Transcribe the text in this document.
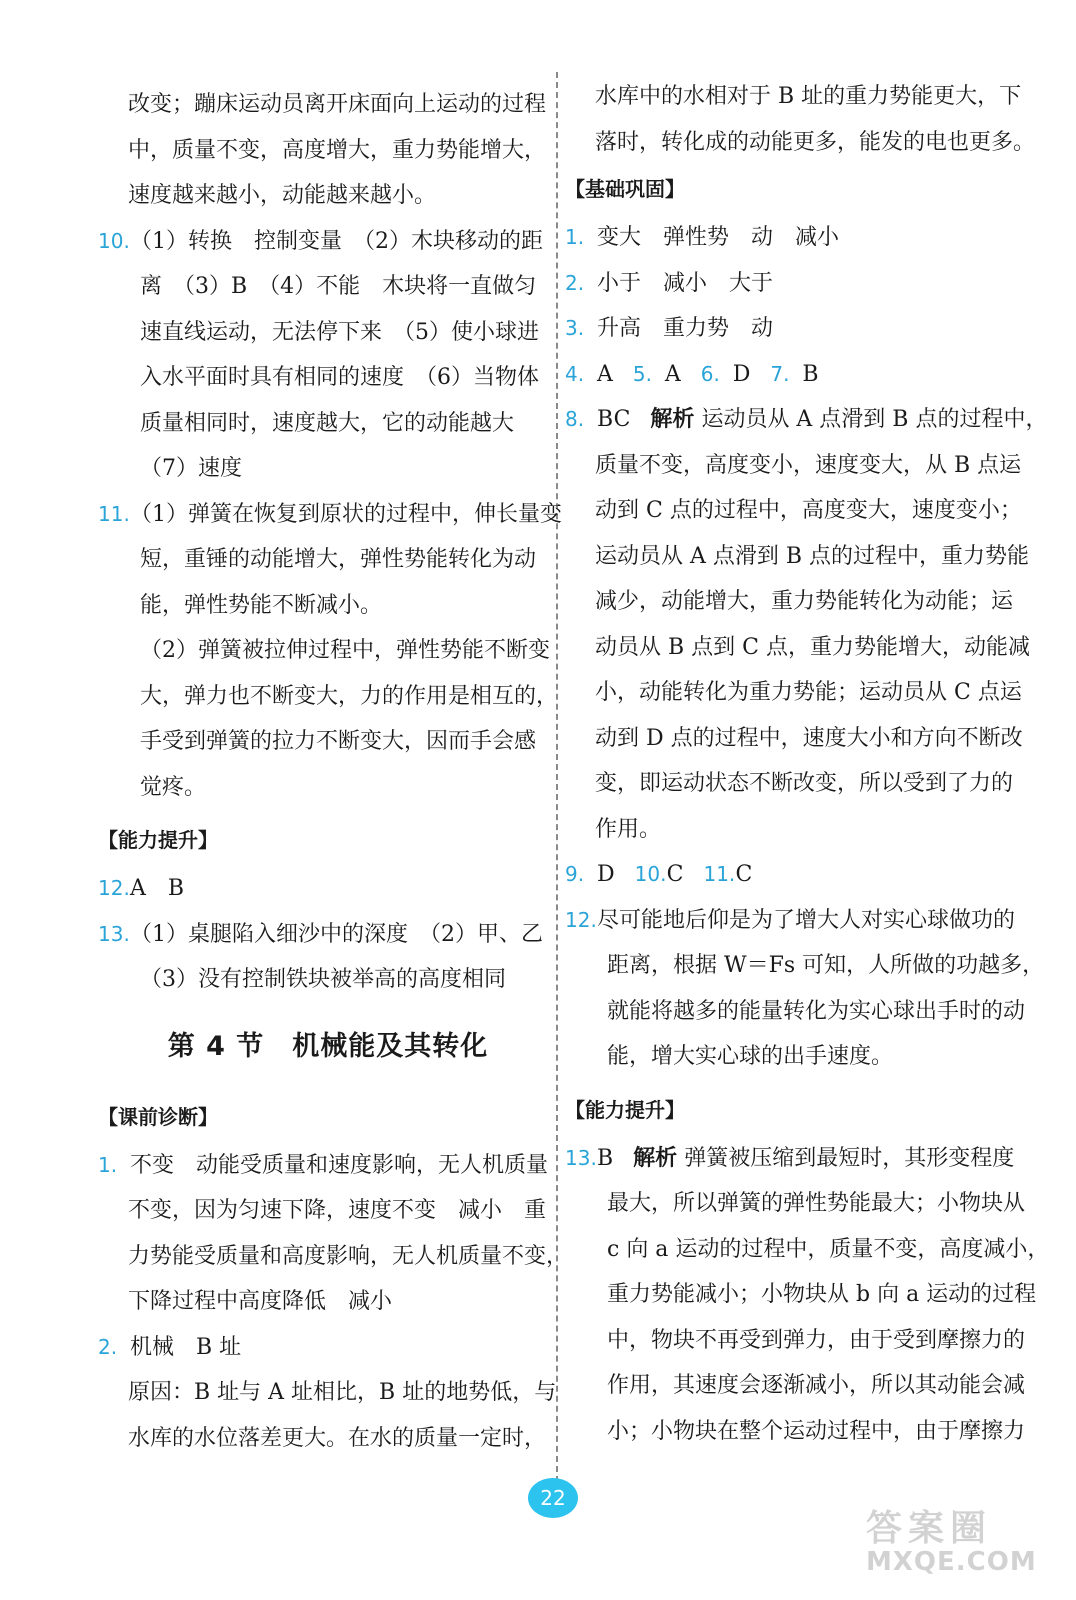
改变；蹦床运动员离开床面向上运动的过程
中，质量不变，高度增大，重力势能增大，
速度越来越小，动能越来越小。
10.（1）转换　控制变量　（2）木块移动的距
离　（3）B　（4）不能　木块将一直做匀
速直线运动，无法停下来　（5）使小球进
入水平面时具有相同的速度　（6）当物体
质量相同时，速度越大，它的动能越大
（7）速度
11.（1）弹簧在恢复到原状的过程中，伸长量变
短，重锤的动能增大，弹性势能转化为动
能，弹性势能不断减小。
（2）弹簧被拉伸过程中，弹性势能不断变
大，弹力也不断变大，力的作用是相互的，
手受到弹簧的拉力不断变大，因而手会感
觉疼。
【能力提升】
12.A　B
13.（1）桌腿陷入细沙中的深度　（2）甲、乙
（3）没有控制铁块被举高的高度相同
第 4 节　机械能及其转化
【课前诊断】
1. 不变　动能受质量和速度影响，无人机质量
不变，因为匀速下降，速度不变　减小　重
力势能受质量和高度影响，无人机质量不变，
下降过程中高度降低　减小
2. 机械　B 址
原因：B 址与 A 址相比，B 址的地势低，与
水库的水位落差更大。在水的质量一定时，
水库中的水相对于 B 址的重力势能更大，下
落时，转化成的动能更多，能发的电也更多。
【基础巩固】
1. 变大　弹性势　动　减小
2. 小于　减小　大于
3. 升高　重力势　动
4. A 5. A 6. D 7. B
8. BC 解析 运动员从 A 点滑到 B 点的过程中，
质量不变，高度变小，速度变大，从 B 点运
动到 C 点的过程中，高度变大，速度变小；
运动员从 A 点滑到 B 点的过程中，重力势能
减少，动能增大，重力势能转化为动能；运
动员从 B 点到 C 点，重力势能增大，动能减
小，动能转化为重力势能；运动员从 C 点运
动到 D 点的过程中，速度大小和方向不断改
变，即运动状态不断改变，所以受到了力的
作用。
9. D 10.C 11.C
12.尽可能地后仰是为了增大人对实心球做功的
距离，根据 W＝Fs 可知，人所做的功越多，
就能将越多的能量转化为实心球出手时的动
能，增大实心球的出手速度。
【能力提升】
13.B 解析 弹簧被压缩到最短时，其形变程度
最大，所以弹簧的弹性势能最大；小物块从
c 向 a 运动的过程中，质量不变，高度减小，
重力势能减小；小物块从 b 向 a 运动的过程
中，物块不再受到弹力，由于受到摩擦力的
作用，其速度会逐渐减小，所以其动能会减
小；小物块在整个运动过程中，由于摩擦力
22
答案圈
MXQE.COM
